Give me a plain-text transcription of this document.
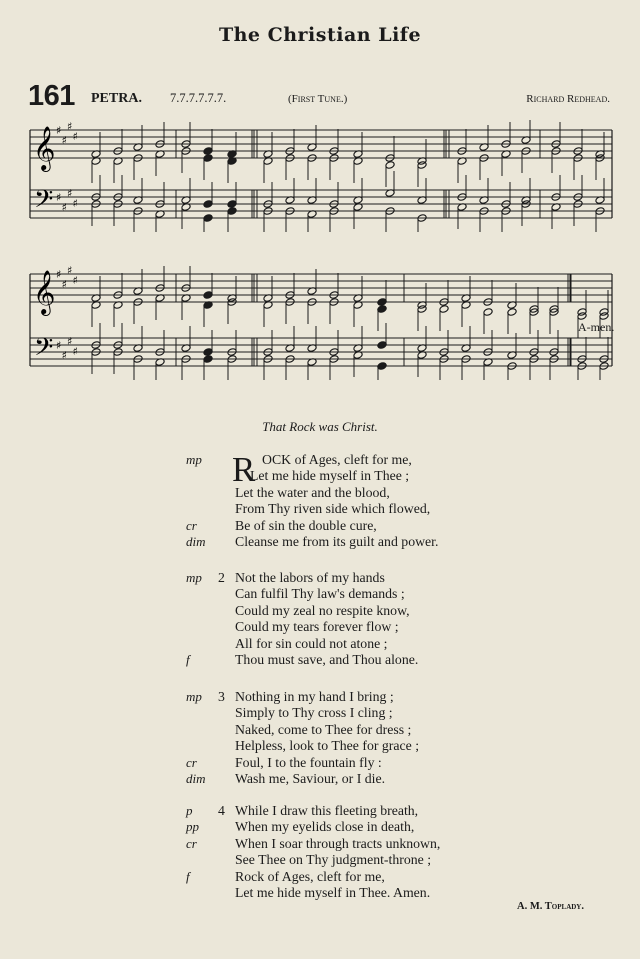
The Christian Life
161 PETRA. 7.7.7.7.7.7.	(First Tune.)	Richard Redhead.
𝄞
𝄢
♯
♯
♯
♯
♯
♯
♯
♯
𝄞
𝄢
♯
♯
♯
♯
♯
♯
♯
♯
A-men.
That Rock was Christ.
R
mp	OCK of Ages, cleft for me,
Let me hide myself in Thee ;
Let the water and the blood,
From Thy riven side which flowed,
cr	Be of sin the double cure,
dim Cleanse me from its guilt and power.
2
mp Not the labors of my hands
Can fulfil Thy law's demands ;
Could my zeal no respite know,
Could my tears forever flow ;
All for sin could not atone ;
f	Thou must save, and Thou alone.
3
mp Nothing in my hand I bring ;
Simply to Thy cross I cling ;
Naked, come to Thee for dress ;
Helpless, look to Thee for grace ;
cr	Foul, I to the fountain fly :
dim Wash me, Saviour, or I die.
4
p	While I draw this fleeting breath,
pp	When my eyelids close in death,
cr	When I soar through tracts unknown,
See Thee on Thy judgment-throne ;
f	Rock of Ages, cleft for me,
Let me hide myself in Thee. Amen.
A. M. Toplady.
